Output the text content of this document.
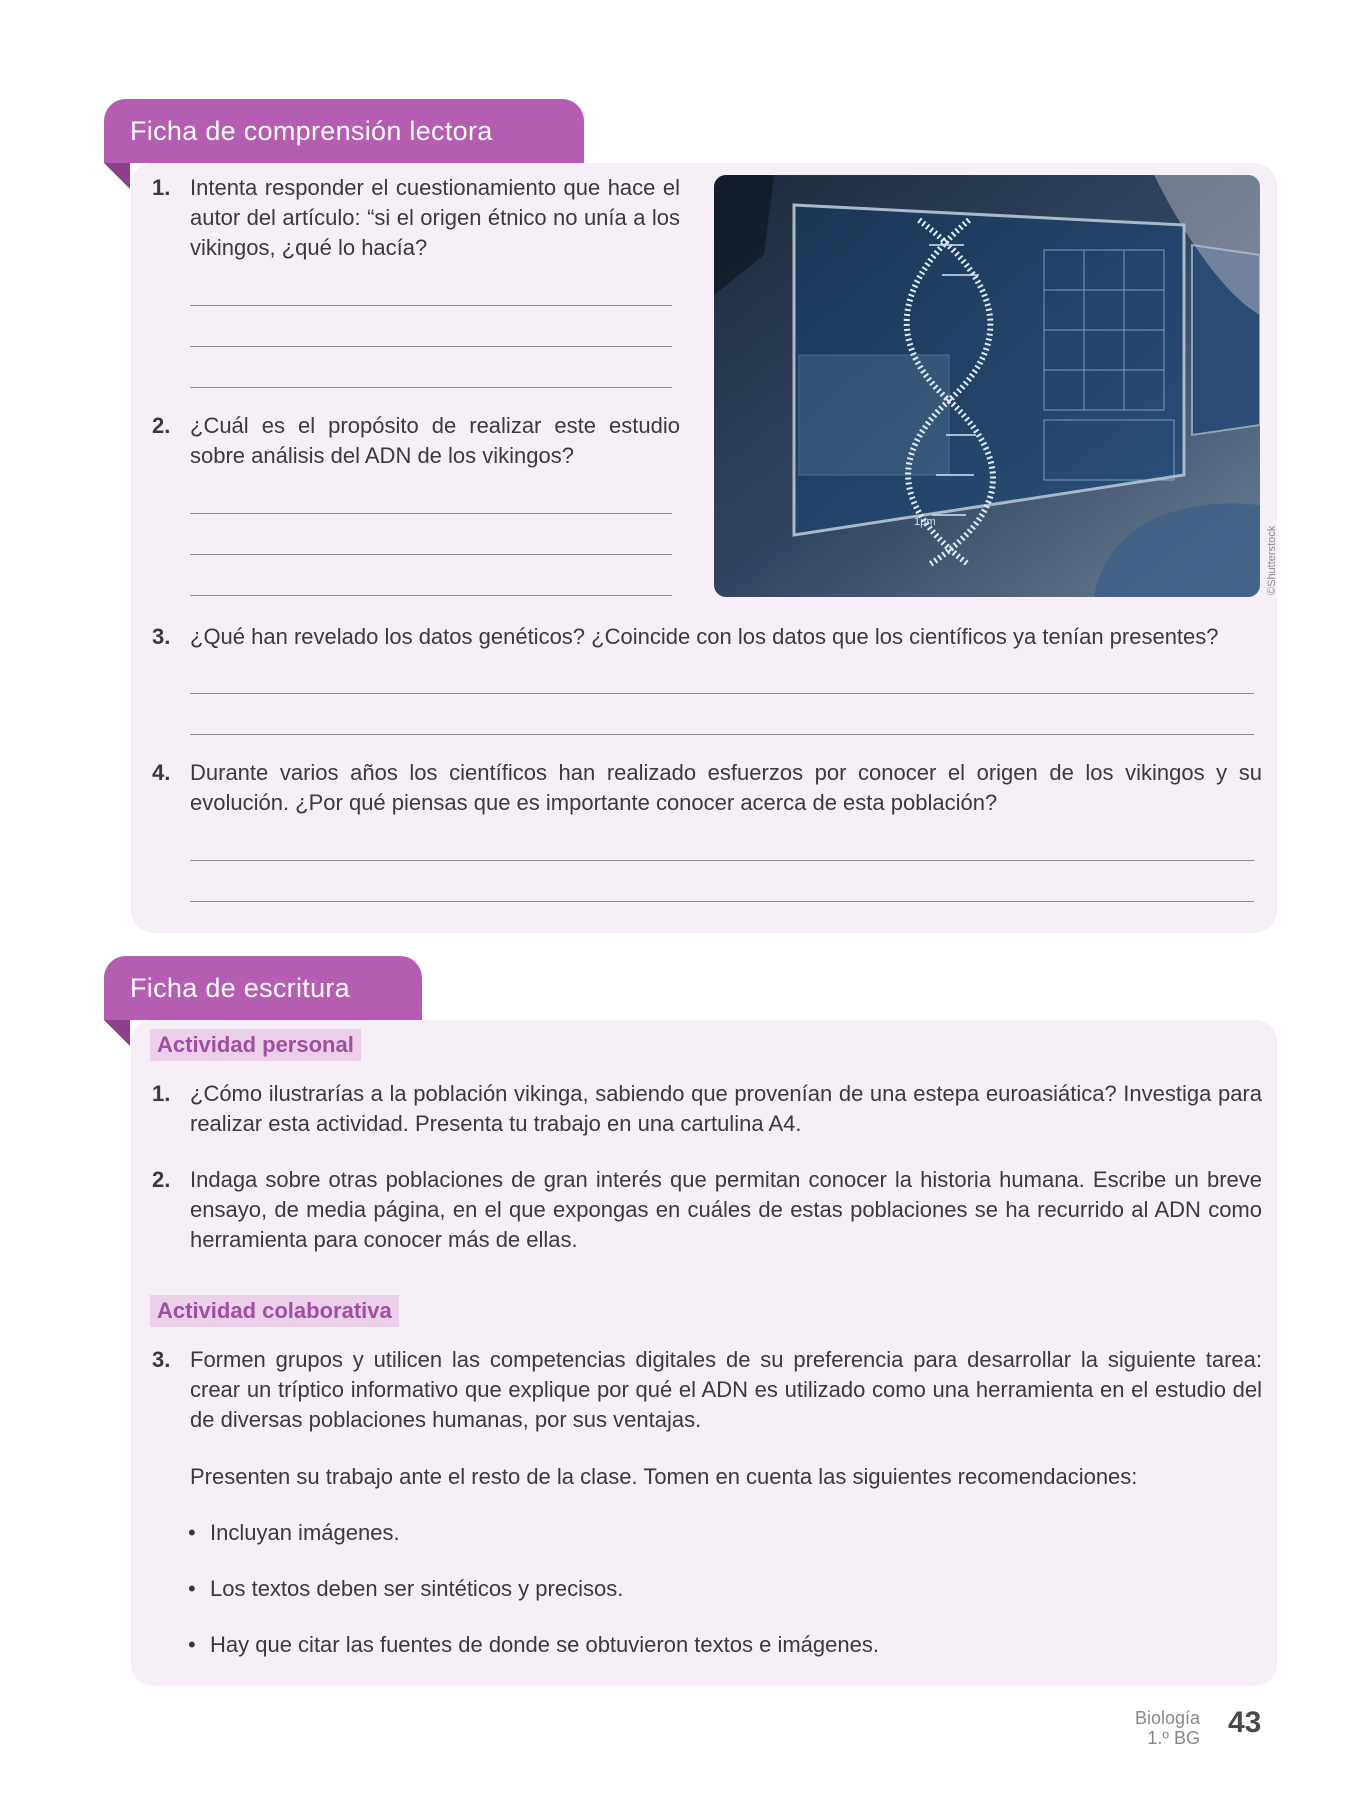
Ficha de comprensión lectora
1. Intenta responder el cuestionamiento que hace el autor del artículo: “si el origen étnico no unía a los vikingos, ¿qué lo hacía?
2. ¿Cuál es el propósito de realizar este estudio sobre análisis del ADN de los vikingos?
1μm
©Shutterstock
3. ¿Qué han revelado los datos genéticos? ¿Coincide con los datos que los científicos ya tenían presentes?
4. Durante varios años los científicos han realizado esfuerzos por conocer el origen de los vikingos y su evolución. ¿Por qué piensas que es importante conocer acerca de esta población?
Ficha de escritura
Actividad personal
1. ¿Cómo ilustrarías a la población vikinga, sabiendo que provenían de una estepa euroasiática? Investiga para realizar esta actividad. Presenta tu trabajo en una cartulina A4.
2. Indaga sobre otras poblaciones de gran interés que permitan conocer la historia humana. Escribe un breve ensayo, de media página, en el que expongas en cuáles de estas poblaciones se ha recurrido al ADN como herramienta para conocer más de ellas.
Actividad colaborativa
3. Formen grupos y utilicen las competencias digitales de su preferencia para desarrollar la siguiente tarea: crear un tríptico informativo que explique por qué el ADN es utilizado como una herramienta en el estudio del de diversas poblaciones humanas, por sus ventajas.
Presenten su trabajo ante el resto de la clase. Tomen en cuenta las siguientes recomendaciones:
• Incluyan imágenes.
• Los textos deben ser sintéticos y precisos.
• Hay que citar las fuentes de donde se obtuvieron textos e imágenes.
Biología
1.º BG 43
